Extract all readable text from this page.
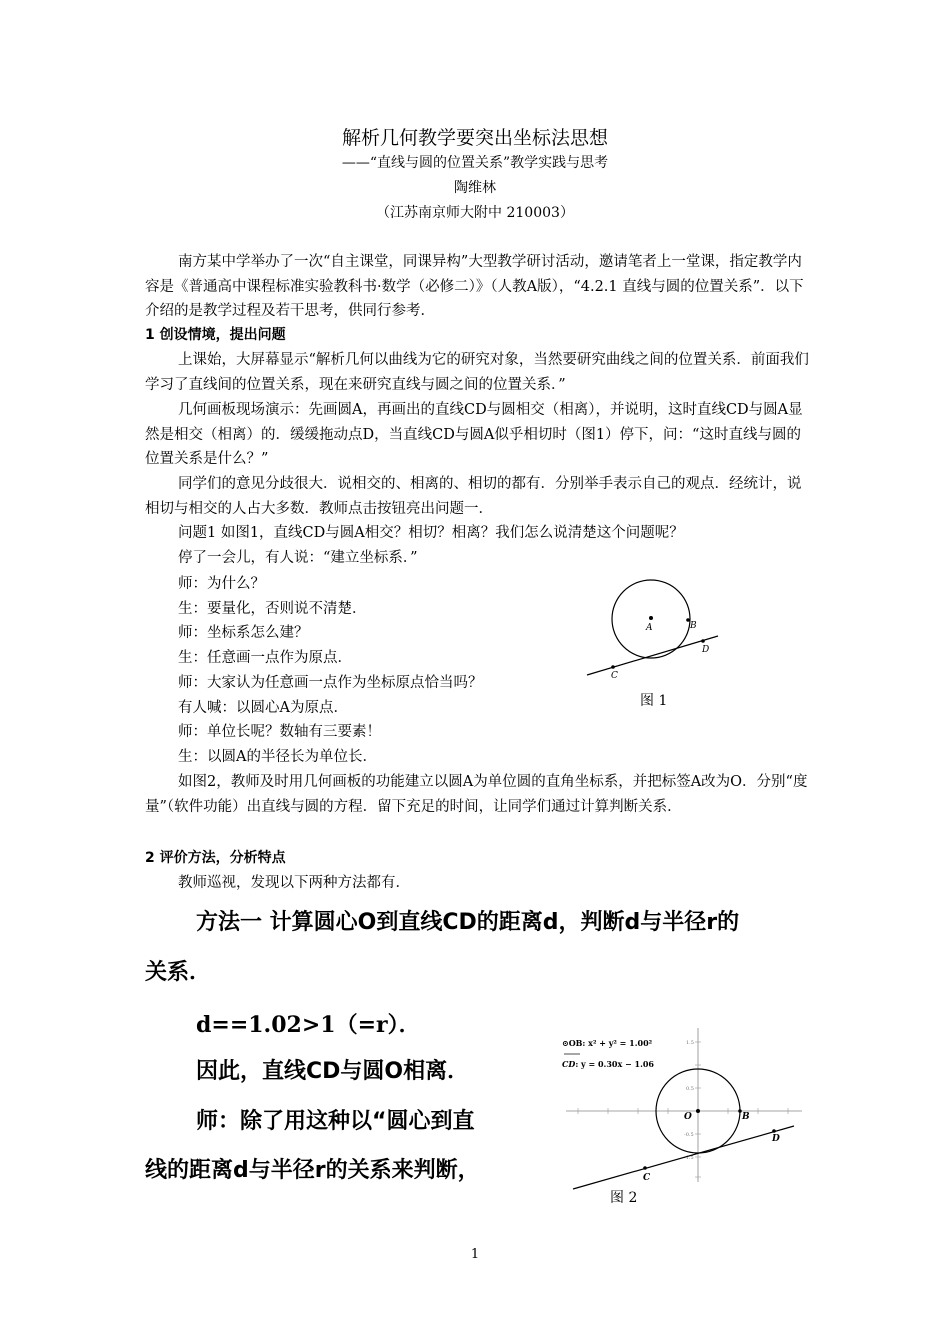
解析几何教学要突出坐标法思想
——“直线与圆的位置关系”教学实践与思考
陶维林
（江苏南京师大附中 210003）
南方某中学举办了一次“自主课堂，同课异构”大型教学研讨活动，邀请笔者上一堂课，指定教学内容是《普通高中课程标准实验教科书·数学（必修二）》（人教A版），“4.2.1 直线与圆的位置关系”．以下介绍的是教学过程及若干思考，供同行参考．
1 创设情境，提出问题
上课始，大屏幕显示“解析几何以曲线为它的研究对象，当然要研究曲线之间的位置关系．前面我们学习了直线间的位置关系，现在来研究直线与圆之间的位置关系．”
几何画板现场演示：先画圆A，再画出的直线CD与圆相交（相离），并说明，这时直线CD与圆A显然是相交（相离）的．缓缓拖动点D，当直线CD与圆A似乎相切时（图1）停下，问：“这时直线与圆的位置关系是什么？”
同学们的意见分歧很大．说相交的、相离的、相切的都有．分别举手表示自己的观点．经统计，说相切与相交的人占大多数．教师点击按钮亮出问题一．
问题1 如图1，直线CD与圆A相交？相切？相离？我们怎么说清楚这个问题呢？
停了一会儿，有人说：“建立坐标系．”
师：为什么？
生：要量化，否则说不清楚．
师：坐标系怎么建？
生：任意画一点作为原点．
师：大家认为任意画一点作为坐标原点恰当吗？
有人喊：以圆心A为原点．
师：单位长呢？数轴有三要素！
生：以圆A的半径长为单位长．
A	B
C
D
图 1
如图2，教师及时用几何画板的功能建立以圆A为单位圆的直角坐标系，并把标签A改为O．分别“度量”（软件功能）出直线与圆的方程．留下充足的时间，让同学们通过计算判断关系．
2 评价方法，分析特点
教师巡视，发现以下两种方法都有．
方法一 计算圆心O到直线CD的距离d，判断d与半径r的
关系．
d==1.02>1（=r）．
因此，直线CD与圆O相离．
师：除了用这种以“圆心到直
线的距离d与半径r的关系来判断，
1.5
0.5
-0.5
-1.5
O	B
C
D
⊙OB: x² + y² = 1.00²
CD: y = 0.30x − 1.06
图 2
1
